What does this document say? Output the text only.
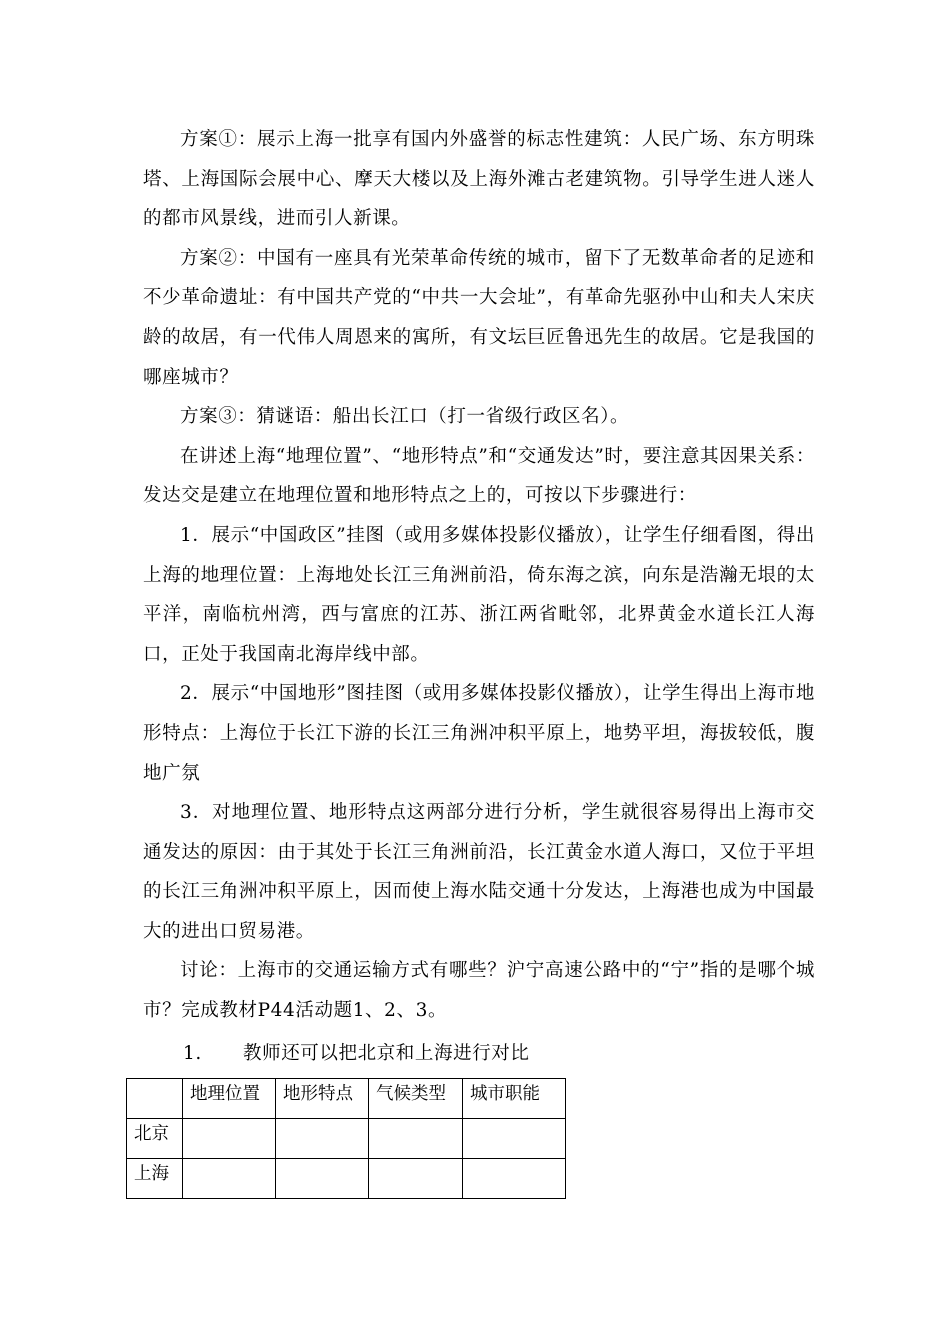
方案①：展示上海一批享有国内外盛誉的标志性建筑：人民广场、东方明珠塔、上海国际会展中心、摩天大楼以及上海外滩古老建筑物。引导学生进人迷人的都市风景线，进而引人新课。

方案②：中国有一座具有光荣革命传统的城市，留下了无数革命者的足迹和不少革命遗址：有中国共产党的“中共一大会址”，有革命先驱孙中山和夫人宋庆龄的故居，有一代伟人周恩来的寓所，有文坛巨匠鲁迅先生的故居。它是我国的哪座城市？

方案③：猜谜语：船出长江口（打一省级行政区名）。

在讲述上海“地理位置”、“地形特点”和“交通发达”时，要注意其因果关系：发达交是建立在地理位置和地形特点之上的，可按以下步骤进行：

1．展示“中国政区”挂图（或用多媒体投影仪播放），让学生仔细看图，得出上海的地理位置：上海地处长江三角洲前沿，倚东海之滨，向东是浩瀚无垠的太平洋，南临杭州湾，西与富庶的江苏、浙江两省毗邻，北界黄金水道长江人海口，正处于我国南北海岸线中部。

2．展示“中国地形”图挂图（或用多媒体投影仪播放），让学生得出上海市地形特点：上海位于长江下游的长江三角洲冲积平原上，地势平坦，海拔较低，腹地广氛

3．对地理位置、地形特点这两部分进行分析，学生就很容易得出上海市交通发达的原因：由于其处于长江三角洲前沿，长江黄金水道人海口，又位于平坦的长江三角洲冲积平原上，因而使上海水陆交通十分发达，上海港也成为中国最大的进出口贸易港。

讨论：上海市的交通运输方式有哪些？沪宁高速公路中的“宁”指的是哪个城市？完成教材P44活动题1、2、3。

1. 教师还可以把北京和上海进行对比
	地理位置	地形特点	气候类型	城市职能
北京				
上海				
